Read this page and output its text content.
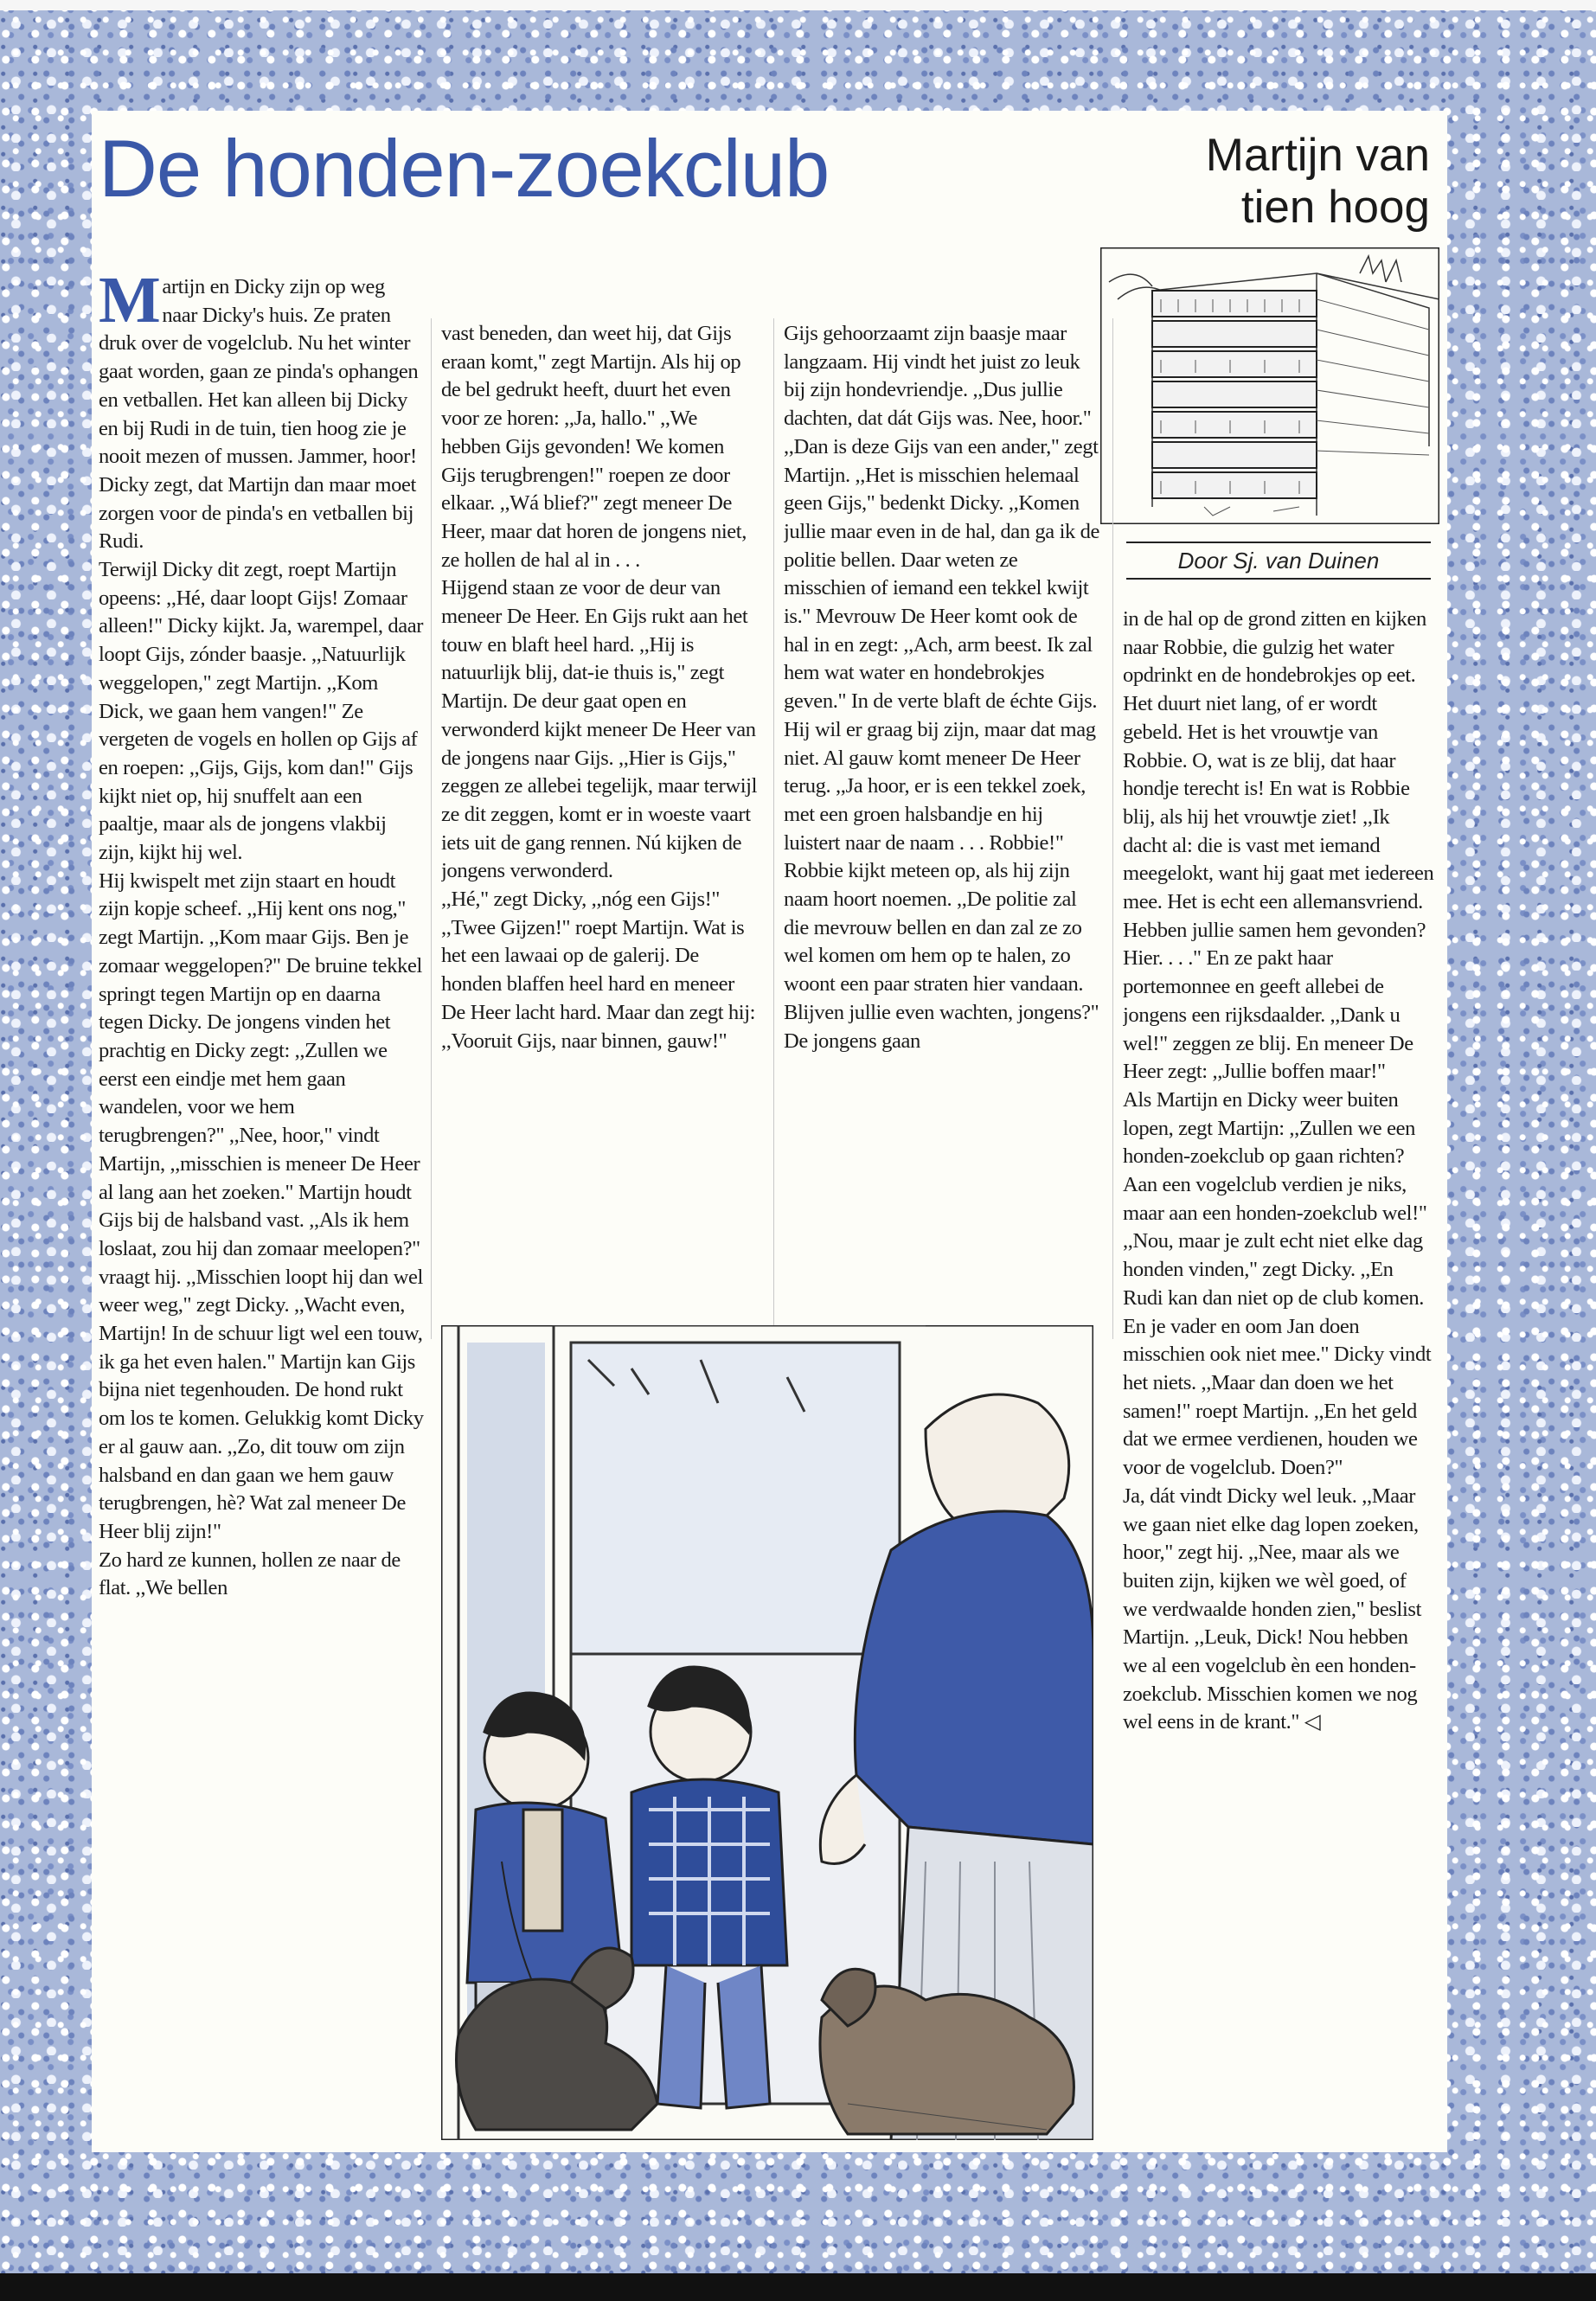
De honden-zoekclub	Martijn van
tien hoog
Door Sj. van Duinen
Martijn en Dicky zijn op weg naar Dicky's huis. Ze praten druk over de vogelclub. Nu het winter gaat worden, gaan ze pinda's ophangen en vetballen. Het kan alleen bij Dicky en bij Rudi in de tuin, tien hoog zie je nooit mezen of mussen. Jammer, hoor! Dicky zegt, dat Martijn dan maar moet zorgen voor de pinda's en vetballen bij Rudi.
Terwijl Dicky dit zegt, roept Martijn opeens: ,,Hé, daar loopt Gijs! Zomaar alleen!" Dicky kijkt. Ja, warempel, daar loopt Gijs, zónder baasje. ,,Natuurlijk weggelopen," zegt Martijn. ,,Kom Dick, we gaan hem vangen!" Ze vergeten de vogels en hollen op Gijs af en roepen: ,,Gijs, Gijs, kom dan!" Gijs kijkt niet op, hij snuffelt aan een paaltje, maar als de jongens vlakbij zijn, kijkt hij wel.
Hij kwispelt met zijn staart en houdt zijn kopje scheef. ,,Hij kent ons nog," zegt Martijn. ,,Kom maar Gijs. Ben je zomaar weggelopen?" De bruine tekkel springt tegen Martijn op en daarna tegen Dicky. De jongens vinden het prachtig en Dicky zegt: ,,Zullen we eerst een eindje met hem gaan wandelen, voor we hem terugbrengen?" ,,Nee, hoor," vindt Martijn, ,,misschien is meneer De Heer al lang aan het zoeken." Martijn houdt Gijs bij de halsband vast. ,,Als ik hem loslaat, zou hij dan zomaar meelopen?" vraagt hij. ,,Misschien loopt hij dan wel weer weg," zegt Dicky. ,,Wacht even, Martijn! In de schuur ligt wel een touw, ik ga het even halen." Martijn kan Gijs bijna niet tegenhouden. De hond rukt om los te komen. Gelukkig komt Dicky er al gauw aan. ,,Zo, dit touw om zijn halsband en dan gaan we hem gauw terugbrengen, hè? Wat zal meneer De Heer blij zijn!"
Zo hard ze kunnen, hollen ze naar de flat. ,,We bellen
vast beneden, dan weet hij, dat Gijs eraan komt," zegt Martijn. Als hij op de bel gedrukt heeft, duurt het even voor ze horen: ,,Ja, hallo." ,,We hebben Gijs gevonden! We komen Gijs terugbrengen!" roepen ze door elkaar. ,,Wá blief?" zegt meneer De Heer, maar dat horen de jongens niet, ze hollen de hal al in . . .
Hijgend staan ze voor de deur van meneer De Heer. En Gijs rukt aan het touw en blaft heel hard. ,,Hij is natuurlijk blij, dat-ie thuis is," zegt Martijn. De deur gaat open en verwonderd kijkt meneer De Heer van de jongens naar Gijs. ,,Hier is Gijs," zeggen ze allebei tegelijk, maar terwijl ze dit zeggen, komt er in woeste vaart iets uit de gang rennen. Nú kijken de jongens verwonderd.
,,Hé," zegt Dicky, ,,nóg een Gijs!" ,,Twee Gijzen!" roept Martijn. Wat is het een lawaai op de galerij. De honden blaffen heel hard en meneer De Heer lacht hard. Maar dan zegt hij: ,,Vooruit Gijs, naar binnen, gauw!"
Gijs gehoorzaamt zijn baasje maar langzaam. Hij vindt het juist zo leuk bij zijn hondevriendje. ,,Dus jullie dachten, dat dát Gijs was. Nee, hoor."
,,Dan is deze Gijs van een ander," zegt Martijn. ,,Het is misschien helemaal geen Gijs," bedenkt Dicky. ,,Komen jullie maar even in de hal, dan ga ik de politie bellen. Daar weten ze misschien of iemand een tekkel kwijt is." Mevrouw De Heer komt ook de hal in en zegt: ,,Ach, arm beest. Ik zal hem wat water en hondebrokjes geven." In de verte blaft de échte Gijs. Hij wil er graag bij zijn, maar dat mag niet. Al gauw komt meneer De Heer terug. ,,Ja hoor, er is een tekkel zoek, met een groen halsbandje en hij luistert naar de naam . . . Robbie!" Robbie kijkt meteen op, als hij zijn naam hoort noemen. ,,De politie zal die mevrouw bellen en dan zal ze zo wel komen om hem op te halen, zo woont een paar straten hier vandaan. Blijven jullie even wachten, jongens?" De jongens gaan
in de hal op de grond zitten en kijken naar Robbie, die gulzig het water opdrinkt en de hondebrokjes op eet. Het duurt niet lang, of er wordt gebeld. Het is het vrouwtje van Robbie. O, wat is ze blij, dat haar hondje terecht is! En wat is Robbie blij, als hij het vrouwtje ziet! ,,Ik dacht al: die is vast met iemand meegelokt, want hij gaat met iedereen mee. Het is echt een allemansvriend. Hebben jullie samen hem gevonden? Hier. . . ." En ze pakt haar portemonnee en geeft allebei de jongens een rijksdaalder. ,,Dank u wel!" zeggen ze blij. En meneer De Heer zegt: ,,Jullie boffen maar!"
Als Martijn en Dicky weer buiten lopen, zegt Martijn: ,,Zullen we een honden-zoekclub op gaan richten? Aan een vogelclub verdien je niks, maar aan een honden-zoekclub wel!" ,,Nou, maar je zult echt niet elke dag honden vinden," zegt Dicky. ,,En Rudi kan dan niet op de club komen. En je vader en oom Jan doen misschien ook niet mee." Dicky vindt het niets. ,,Maar dan doen we het samen!" roept Martijn. ,,En het geld dat we ermee verdienen, houden we voor de vogelclub. Doen?"
Ja, dát vindt Dicky wel leuk. ,,Maar we gaan niet elke dag lopen zoeken, hoor," zegt hij. ,,Nee, maar als we buiten zijn, kijken we wèl goed, of we verdwaalde honden zien," beslist Martijn. ,,Leuk, Dick! Nou hebben we al een vogelclub èn een honden-zoekclub. Misschien komen we nog wel eens in de krant." ◁
